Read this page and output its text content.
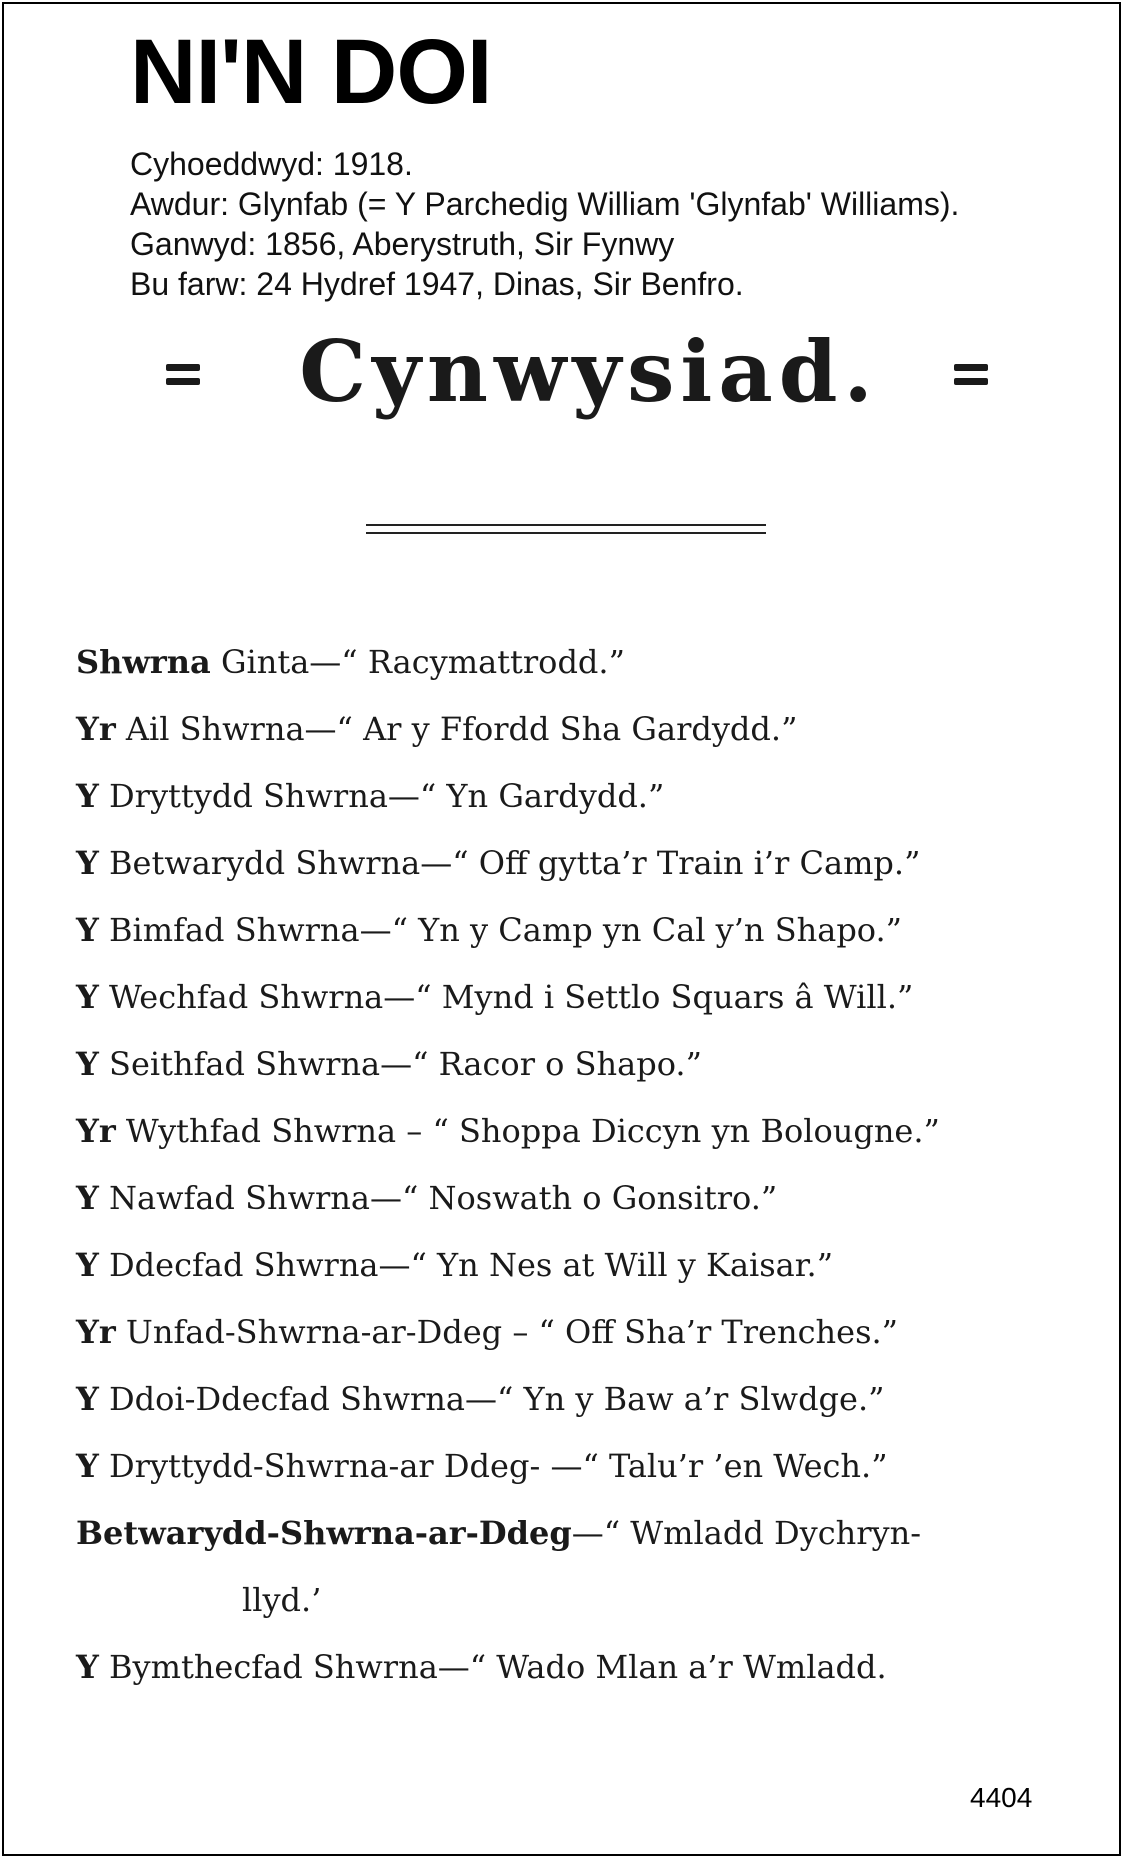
NI'N DOI
Cyhoeddwyd: 1918.
Awdur: Glynfab (= Y Parchedig William 'Glynfab' Williams).
Ganwyd: 1856, Aberystruth, Sir Fynwy
Bu farw: 24 Hydref 1947, Dinas, Sir Benfro.
Cynwysiad.
Shwrna Ginta—“ Racymattrodd.”
Yr Ail Shwrna—“ Ar y Ffordd Sha Gardydd.”
Y Dryttydd Shwrna—“ Yn Gardydd.”
Y Betwarydd Shwrna—“ Off gytta’r Train i’r Camp.”
Y Bimfad Shwrna—“ Yn y Camp yn Cal y’n Shapo.”
Y Wechfad Shwrna—“ Mynd i Settlo Squars â Will.”
Y Seithfad Shwrna—“ Racor o Shapo.”
Yr Wythfad Shwrna – “ Shoppa Diccyn yn Bolougne.”
Y Nawfad Shwrna—“ Noswath o Gonsitro.”
Y Ddecfad Shwrna—“ Yn Nes at Will y Kaisar.”
Yr Unfad-Shwrna-ar-Ddeg – “ Off Sha’r Trenches.”
Y Ddoi-Ddecfad Shwrna—“ Yn y Baw a’r Slwdge.”
Y Dryttydd-Shwrna-ar Ddeg- —“ Talu’r ’en Wech.”
Betwarydd-Shwrna-ar-Ddeg—“ Wmladd Dychryn-
llyd.’
Y Bymthecfad Shwrna—“ Wado Mlan a’r Wmladd.
4404
